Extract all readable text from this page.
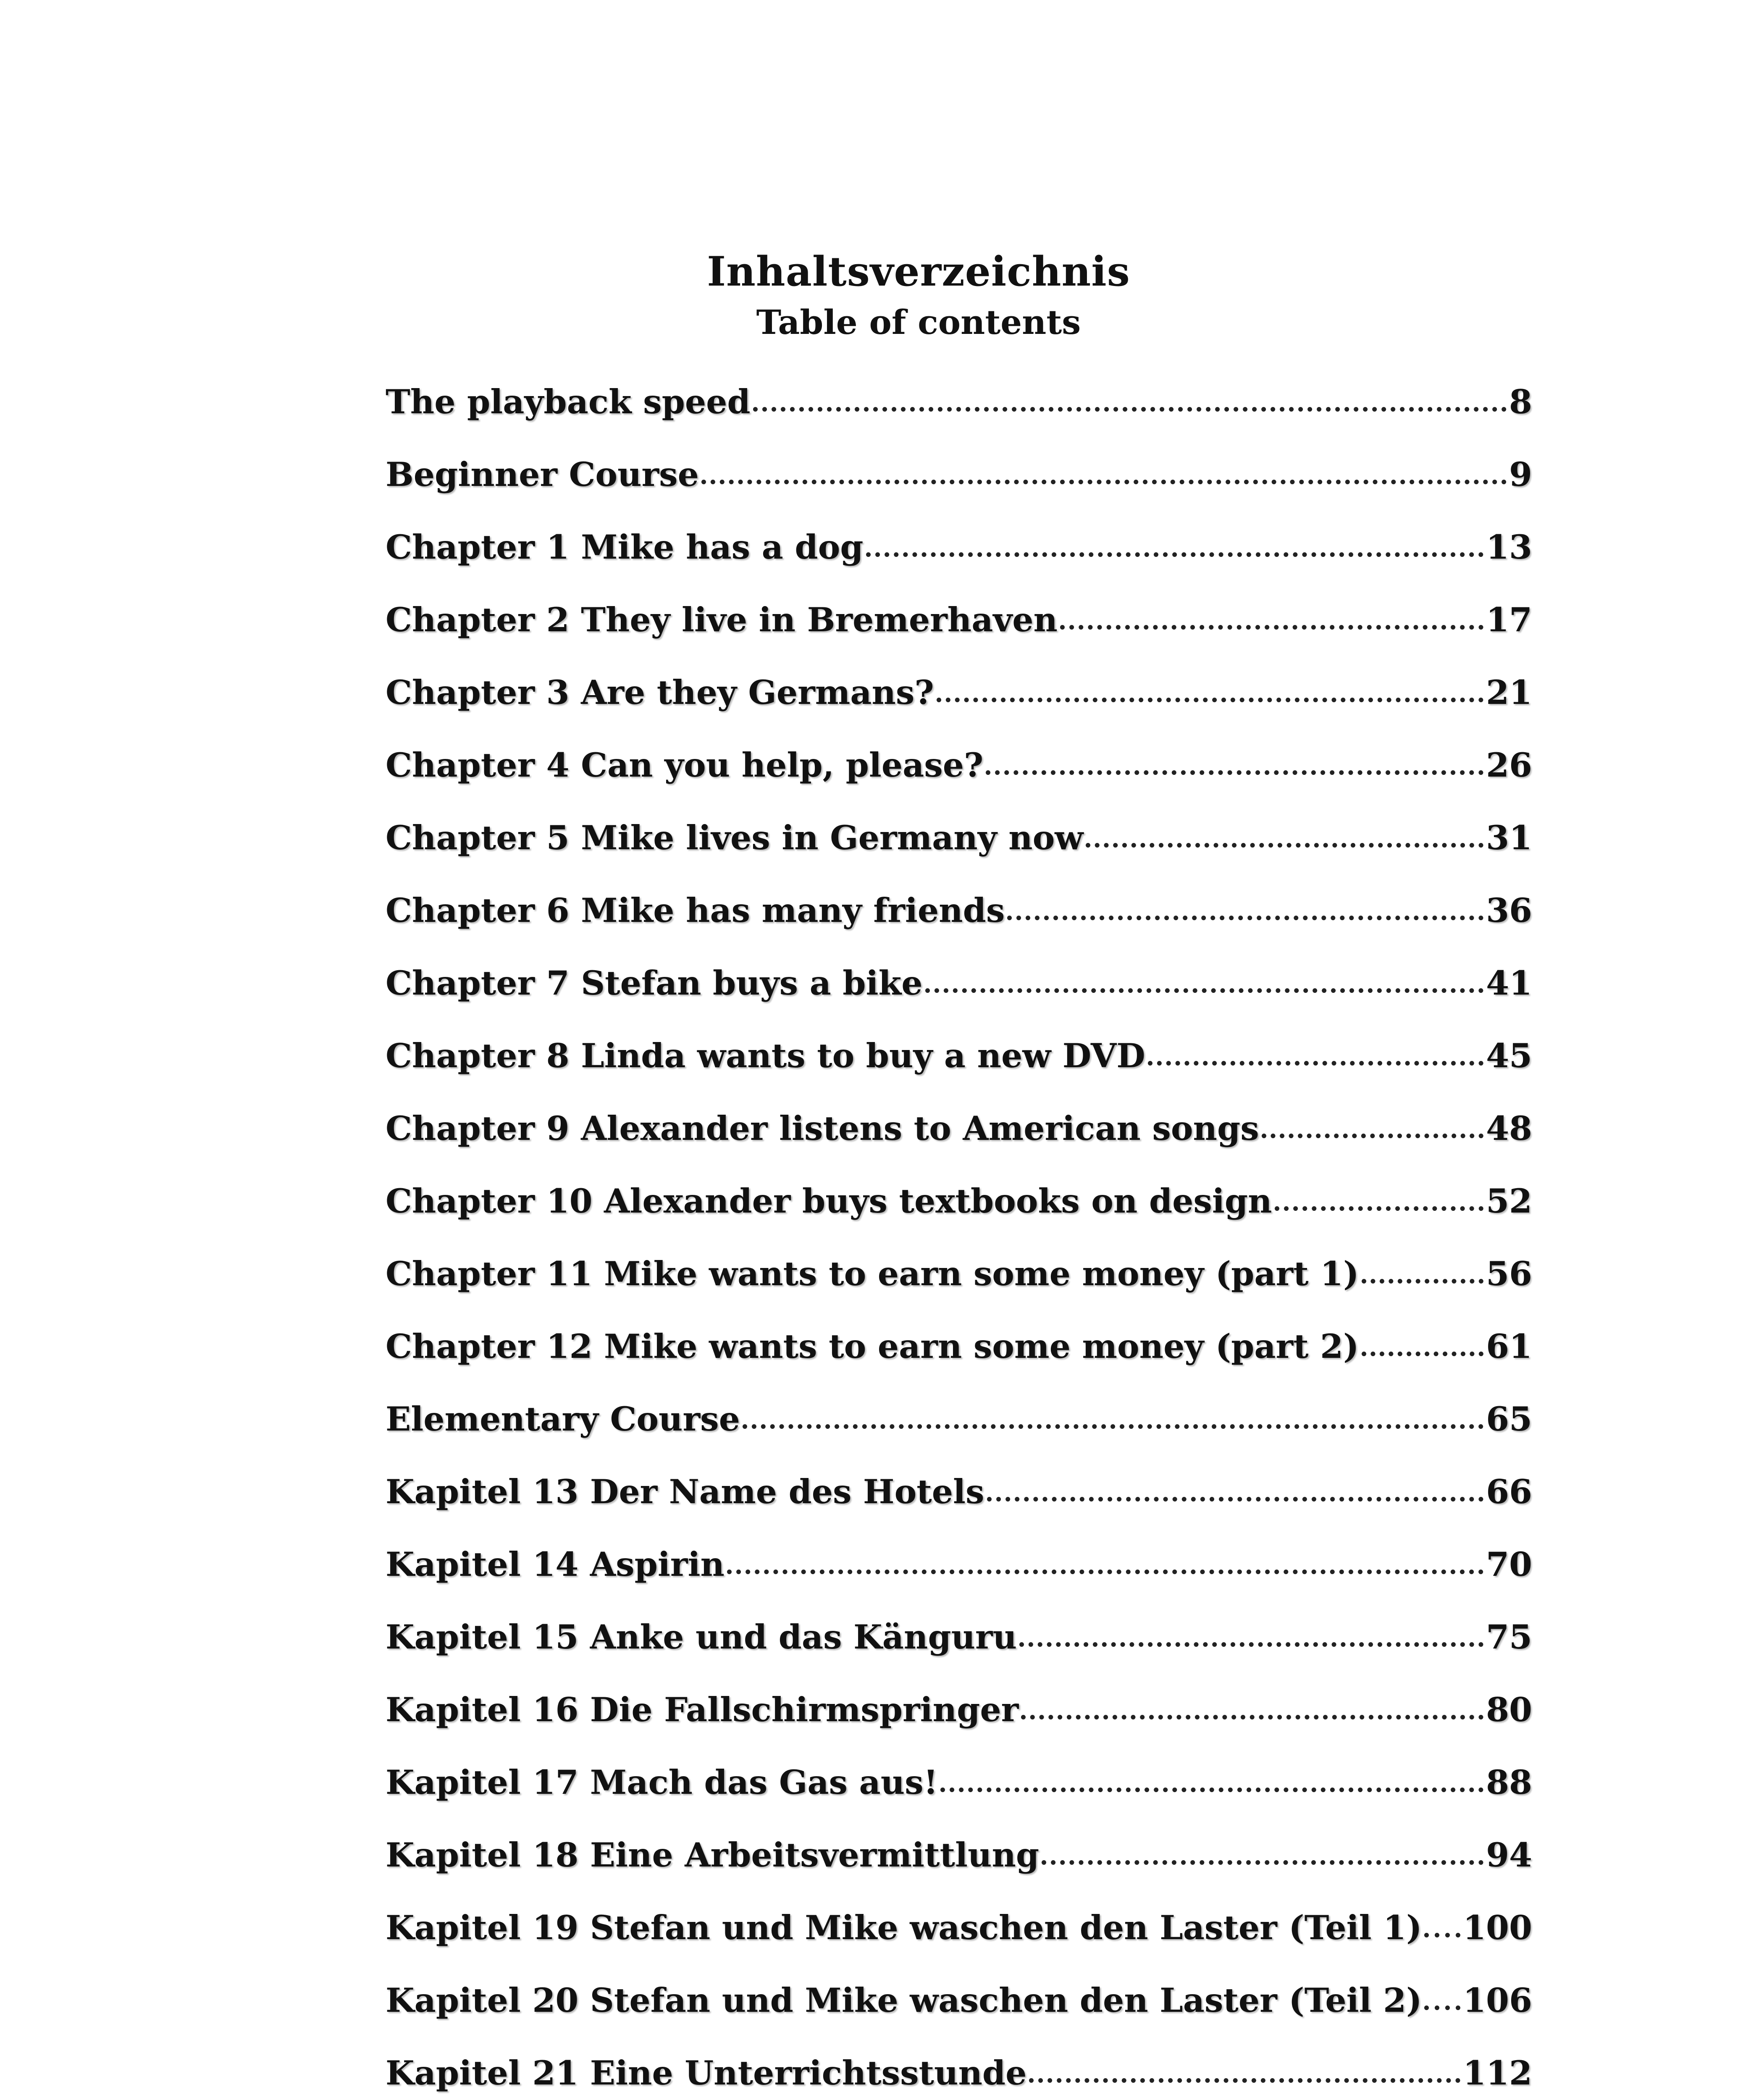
Inhaltsverzeichnis
Table of contents
The playback speed	8
Beginner Course	9
Chapter 1 Mike has a dog	13
Chapter 2 They live in Bremerhaven	17
Chapter 3 Are they Germans?	21
Chapter 4 Can you help, please?	26
Chapter 5 Mike lives in Germany now	31
Chapter 6 Mike has many friends	36
Chapter 7 Stefan buys a bike	41
Chapter 8 Linda wants to buy a new DVD	45
Chapter 9 Alexander listens to American songs	48
Chapter 10 Alexander buys textbooks on design	52
Chapter 11 Mike wants to earn some money (part 1)	56
Chapter 12 Mike wants to earn some money (part 2)	61
Elementary Course	65
Kapitel 13 Der Name des Hotels	66
Kapitel 14 Aspirin	70
Kapitel 15 Anke und das Känguru	75
Kapitel 16 Die Fallschirmspringer	80
Kapitel 17 Mach das Gas aus!	88
Kapitel 18 Eine Arbeitsvermittlung	94
Kapitel 19 Stefan und Mike waschen den Laster (Teil 1) 100
Kapitel 20 Stefan und Mike waschen den Laster (Teil 2) 106
Kapitel 21 Eine Unterrichtsstunde	112
